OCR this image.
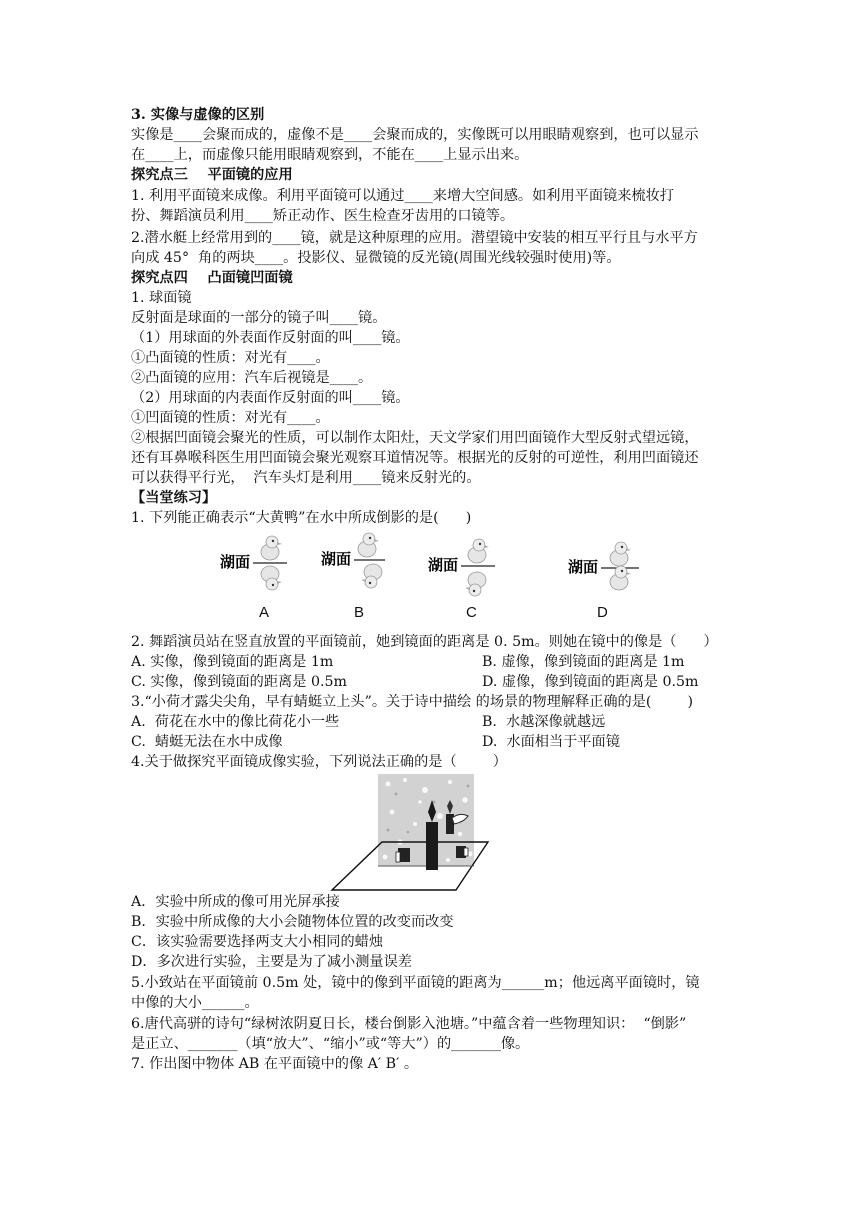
3. 实像与虚像的区别
实像是____会聚而成的，虚像不是____会聚而成的，实像既可以用眼睛观察到，也可以显示
在____上，而虚像只能用眼睛观察到，不能在____上显示出来。
探究点三    平面镜的应用
1. 利用平面镜来成像。利用平面镜可以通过____来增大空间感。如利用平面镜来梳妆打
扮、舞蹈演员利用____矫正动作、医生检查牙齿用的口镜等。
2.潜水艇上经常用到的____镜，就是这种原理的应用。潜望镜中安装的相互平行且与水平方
向成 45°  角的两块____。投影仪、显微镜的反光镜(周围光线较强时使用)等。
探究点四    凸面镜凹面镜
1. 球面镜
反射面是球面的一部分的镜子叫____镜。
（1）用球面的外表面作反射面的叫____镜。
①凸面镜的性质：对光有____。
②凸面镜的应用：汽车后视镜是____。
（2）用球面的内表面作反射面的叫____镜。
①凹面镜的性质：对光有____。
②根据凹面镜会聚光的性质，可以制作太阳灶，天文学家们用凹面镜作大型反射式望远镜，
还有耳鼻喉科医生用凹面镜会聚光观察耳道情况等。根据光的反射的可逆性，利用凹面镜还
可以获得平行光，  汽车头灯是利用____镜来反射光的。
【当堂练习】
1. 下列能正确表示“大黄鸭”在水中所成倒影的是(      )
湖面	湖面	湖面	湖面
A	B	C	D
2. 舞蹈演员站在竖直放置的平面镜前，她到镜面的距离是 0. 5m。则她在镜中的像是（      ）
A. 实像，像到镜面的距离是 1m	B. 虚像，像到镜面的距离是 1m
C. 实像，像到镜面的距离是 0.5m	D. 虚像，像到镜面的距离是 0.5m
3.“小荷才露尖尖角，早有蜻蜓立上头”。关于诗中描绘 的场景的物理解释正确的是(        )
A.  荷花在水中的像比荷花小一些	B.  水越深像就越远
C.  蜻蜓无法在水中成像	D.  水面相当于平面镜
4.关于做探究平面镜成像实验，下列说法正确的是（        ）
A．实验中所成的像可用光屏承接
B．实验中所成像的大小会随物体位置的改变而改变
C．该实验需要选择两支大小相同的蜡烛
D．多次进行实验，主要是为了减小测量误差
5.小致站在平面镜前 0.5m 处，镜中的像到平面镜的距离为______m；他远离平面镜时，镜
中像的大小______。
6.唐代高骈的诗句“绿树浓阴夏日长，楼台倒影入池塘。”中蕴含着一些物理知识：  “倒影”
是正立、_______（填“放大”、“缩小”或“等大”）的_______像。
7. 作出图中物体 AB 在平面镜中的像 A′ B′ 。
